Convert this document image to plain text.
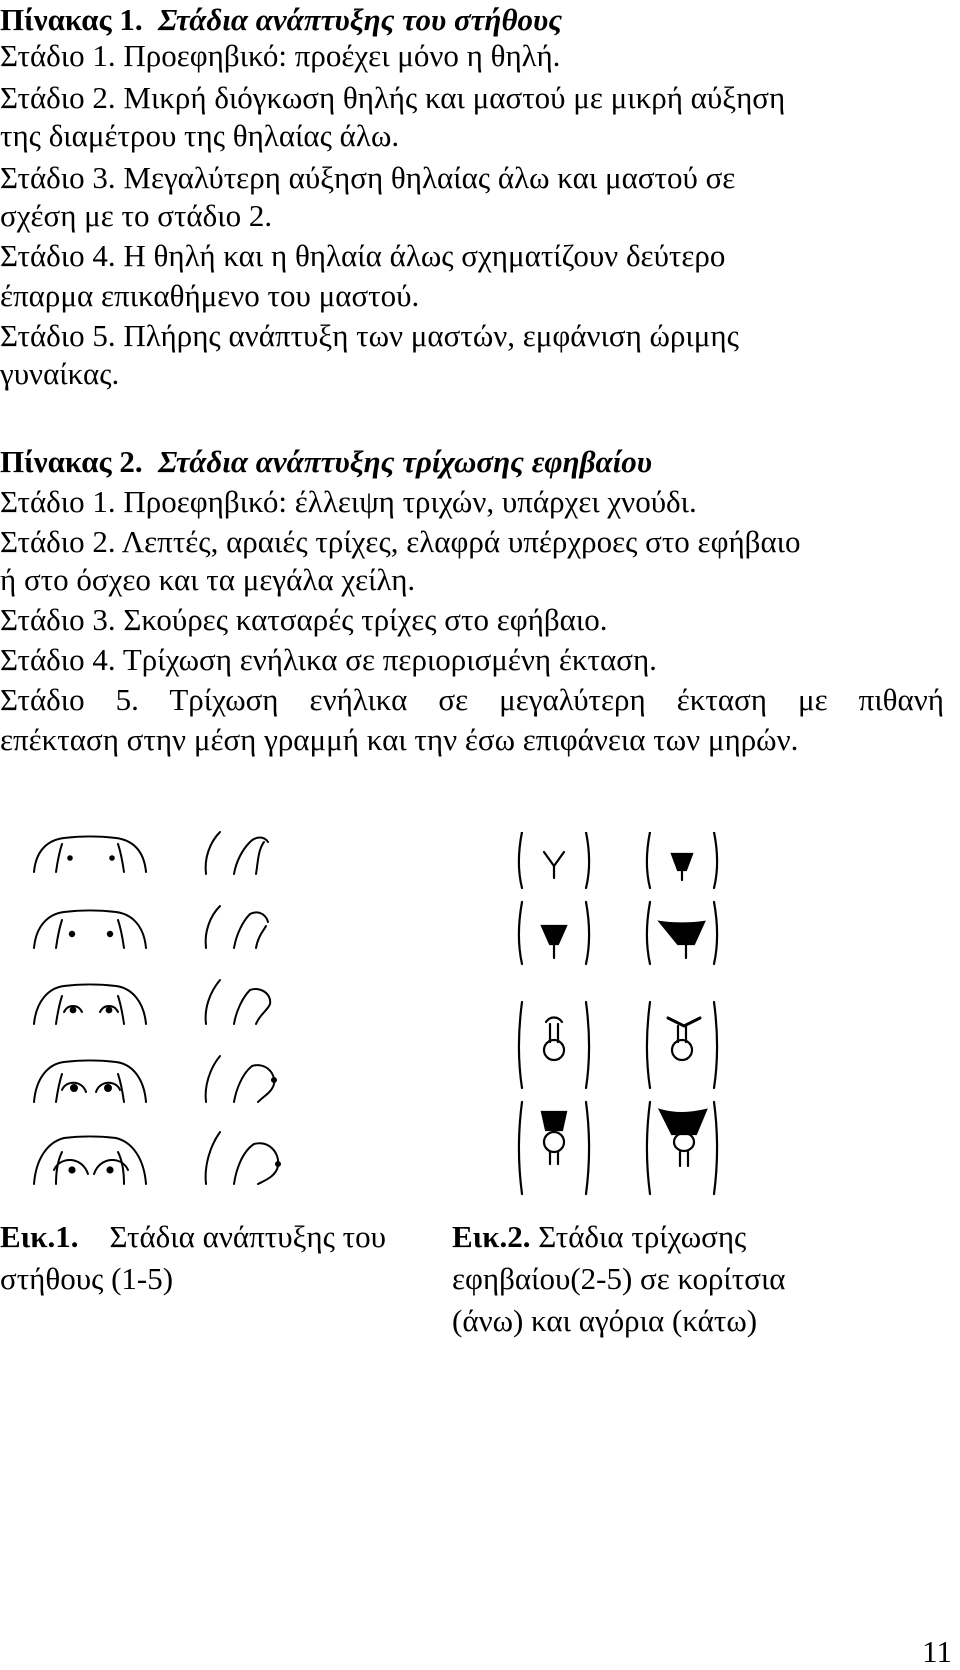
Πίνακας 1. Στάδια ανάπτυξης του στήθους
Στάδιο 1. Προεφηβικό: προέχει μόνο η θηλή.
Στάδιο 2. Μικρή διόγκωση θηλής και μαστού με μικρή αύξηση
της διαμέτρου της θηλαίας άλω.
Στάδιο 3. Μεγαλύτερη αύξηση θηλαίας άλω και μαστού σε
σχέση με το στάδιο 2.
Στάδιο 4. Η θηλή και η θηλαία άλως σχηματίζουν δεύτερο
έπαρμα επικαθήμενο του μαστού.
Στάδιο 5. Πλήρης ανάπτυξη των μαστών, εμφάνιση ώριμης
γυναίκας.
Πίνακας 2. Στάδια ανάπτυξης τρίχωσης εφηβαίου
Στάδιο 1. Προεφηβικό: έλλειψη τριχών, υπάρχει χνούδι.
Στάδιο 2. Λεπτές, αραιές τρίχες, ελαφρά υπέρχροες στο εφήβαιο
ή στο όσχεο και τα μεγάλα χείλη.
Στάδιο 3. Σκούρες κατσαρές τρίχες στο εφήβαιο.
Στάδιο 4. Τρίχωση ενήλικα σε περιορισμένη έκταση.
Στάδιο 5. Τρίχωση ενήλικα σε μεγαλύτερη έκταση με πιθανή
επέκταση στην μέση γραμμή και την έσω επιφάνεια των μηρών.
Εικ.1. Στάδια ανάπτυξης του
στήθους (1-5)
Εικ.2. Στάδια τρίχωσης
εφηβαίου(2-5) σε κορίτσια
(άνω) και αγόρια (κάτω)
11
